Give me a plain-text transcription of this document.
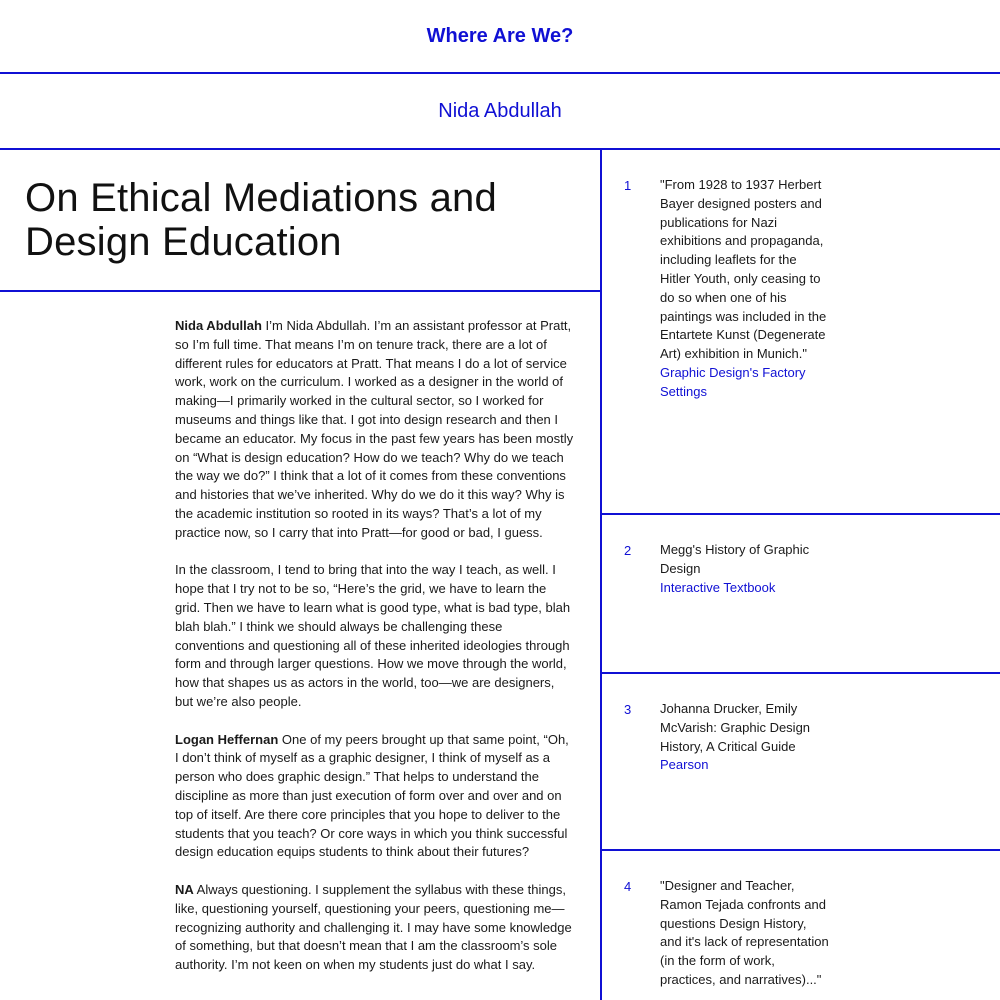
Where Are We?
Nida Abdullah
On Ethical Mediations and Design Education

Nida Abdullah I’m Nida Abdullah. I’m an assistant professor at Pratt, so I’m full time. That means I’m on tenure track, there are a lot of different rules for educators at Pratt. That means I do a lot of service work, work on the curriculum. I worked as a designer in the world of making—I primarily worked in the cultural sector, so I worked for museums and things like that. I got into design research and then I became an educator. My focus in the past few years has been mostly on “What is design education? How do we teach? Why do we teach the way we do?” I think that a lot of it comes from these conventions and histories that we’ve inherited. Why do we do it this way? Why is the academic institution so rooted in its ways? That’s a lot of my practice now, so I carry that into Pratt—for good or bad, I guess.

In the classroom, I tend to bring that into the way I teach, as well. I hope that I try not to be so, “Here’s the grid, we have to learn the grid. Then we have to learn what is good type, what is bad type, blah blah blah.” I think we should always be challenging these conventions and questioning all of these inherited ideologies through form and through larger questions. How we move through the world, how that shapes us as actors in the world, too—we are designers, but we’re also people.

Logan Heffernan One of my peers brought up that same point, “Oh, I don’t think of myself as a graphic designer, I think of myself as a person who does graphic design.” That helps to understand the discipline as more than just execution of form over and over and on top of itself. Are there core principles that you hope to deliver to the students that you teach? Or core ways in which you think successful design education equips students to think about their futures?

NA Always questioning. I supplement the syllabus with these things, like, questioning yourself, questioning your peers, questioning me—recognizing authority and challenging it. I may have some knowledge of something, but that doesn’t mean that I am the classroom’s sole authority. I’m not keen on when my students just do what I say.

1 "From 1928 to 1937 Herbert Bayer designed posters and publications for Nazi exhibitions and propaganda, including leaflets for the Hitler Youth, only ceasing to do so when one of his paintings was included in the Entartete Kunst (Degenerate Art) exhibition in Munich."
Graphic Design's Factory Settings
2 Megg's History of Graphic Design
Interactive Textbook
3 Johanna Drucker, Emily McVarish: Graphic Design History, A Critical Guide
Pearson
4 "Designer and Teacher, Ramon Tejada confronts and questions Design History, and it's lack of representation (in the form of work, practices, and narratives)..."
